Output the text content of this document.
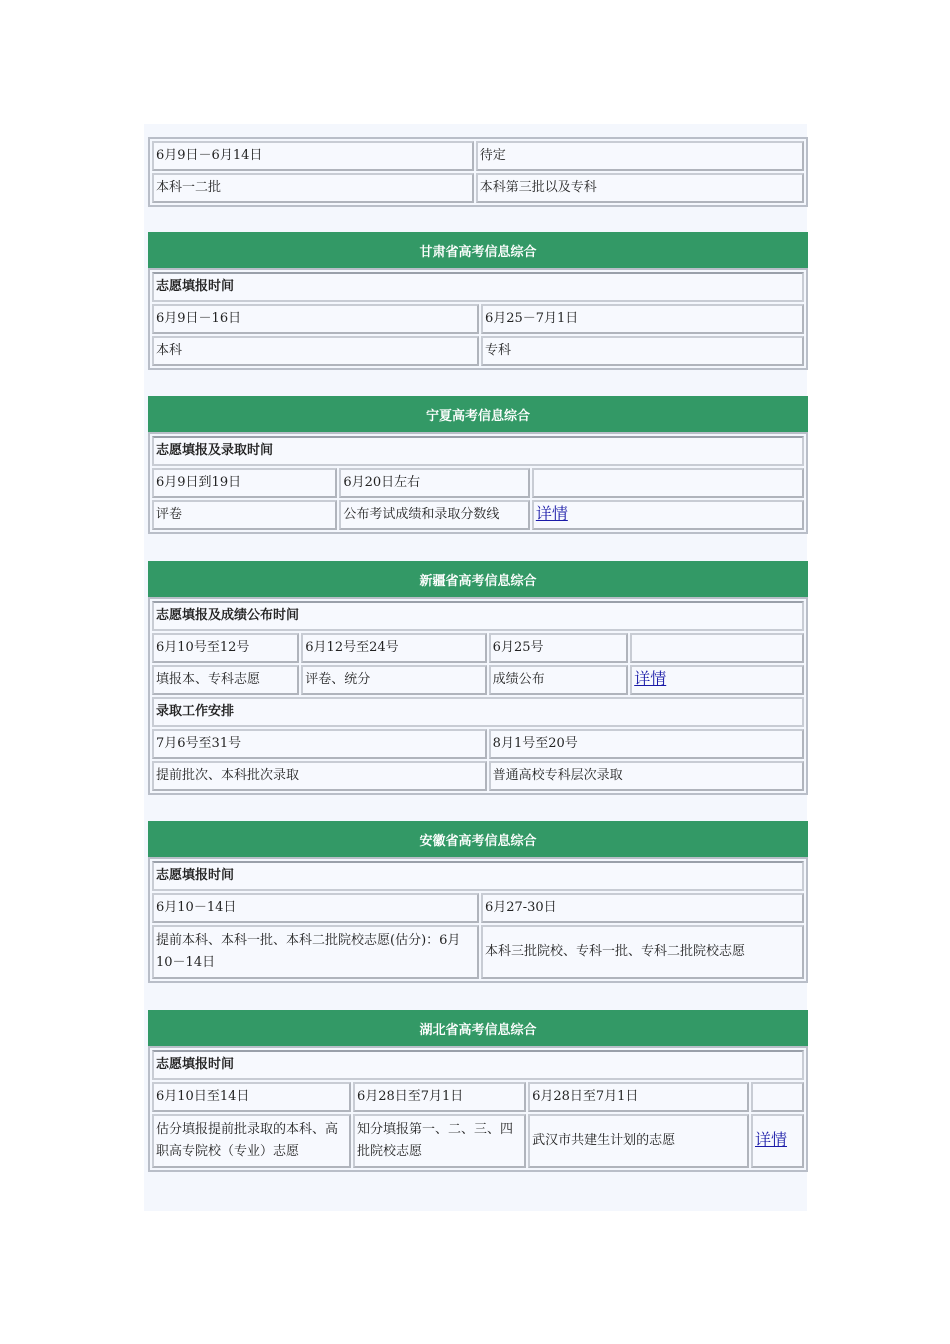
6月9日－6月14日	待定
本科一二批	本科第三批以及专科
甘肃省高考信息综合
志愿填报时间	
6月9日－16日	6月25－7月1日
本科	专科
宁夏高考信息综合
志愿填报及录取时间		
6月9日到19日	6月20日左右	
评卷	公布考试成绩和录取分数线	详情
新疆省高考信息综合
志愿填报及成绩公布时间			
6月10号至12号	6月12号至24号	6月25号	
填报本、专科志愿	评卷、统分	成绩公布	详情
录取工作安排			
7月6号至31号		8月1号至20号	
提前批次、本科批次录取		普通高校专科层次录取	
安徽省高考信息综合
志愿填报时间	
6月10－14日	6月27-30日
提前本科、本科一批、本科二批院校志愿(估分)：6月10－14日	本科三批院校、专科一批、专科二批院校志愿
湖北省高考信息综合
志愿填报时间			
6月10日至14日	6月28日至7月1日	6月28日至7月1日	
估分填报提前批录取的本科、高职高专院校（专业）志愿	知分填报第一、二、三、四批院校志愿	武汉市共建生计划的志愿	详情
